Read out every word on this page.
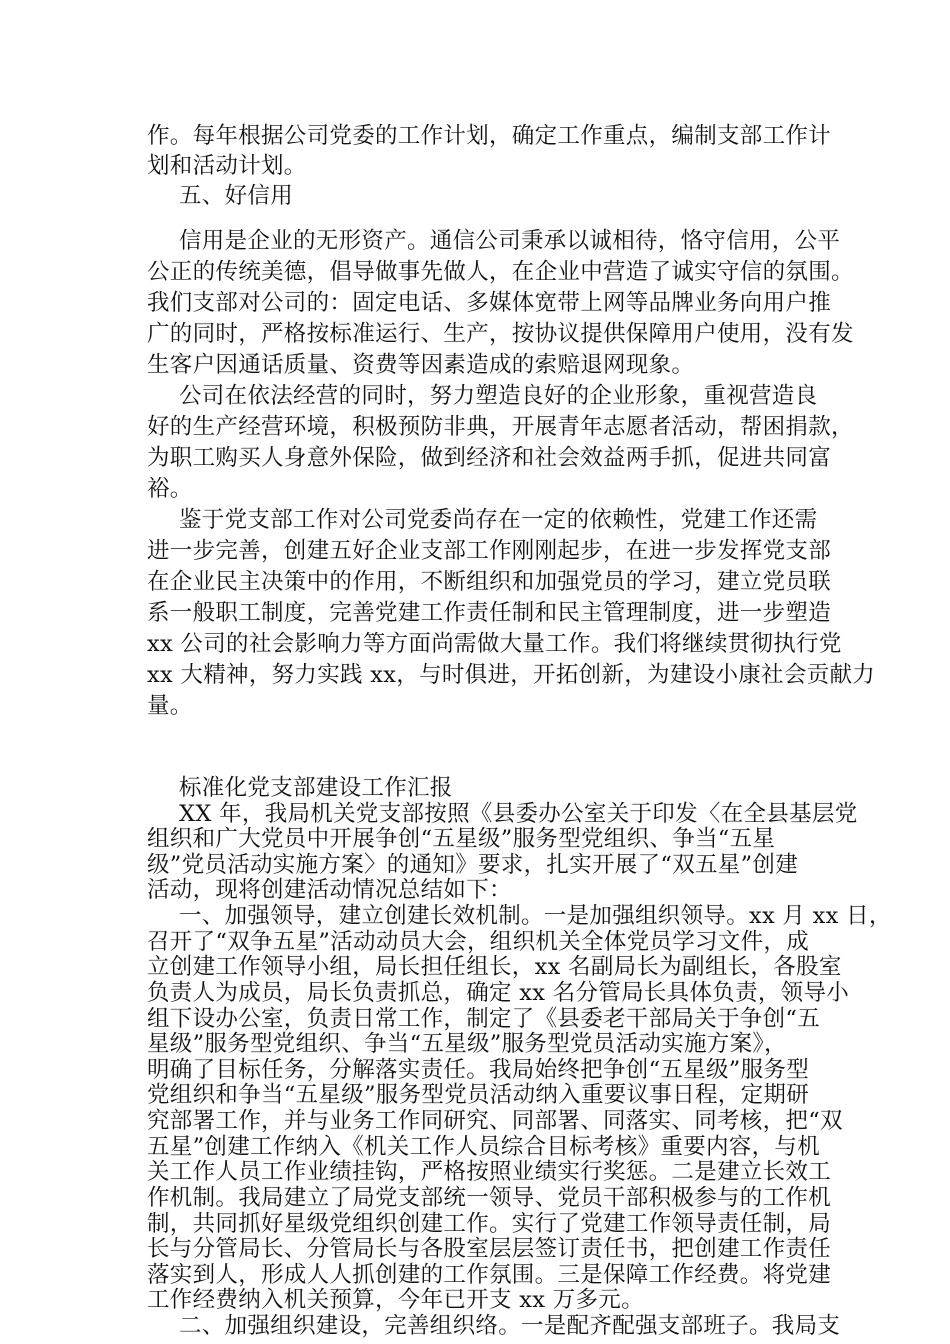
作。每年根据公司党委的工作计划，确定工作重点，编制支部工作计
划和活动计划。
五、好信用
信用是企业的无形资产。通信公司秉承以诚相待，恪守信用，公平
公正的传统美德，倡导做事先做人，在企业中营造了诚实守信的氛围。
我们支部对公司的：固定电话、多媒体宽带上网等品牌业务向用户推
广的同时，严格按标准运行、生产，按协议提供保障用户使用，没有发
生客户因通话质量、资费等因素造成的索赔退网现象。
公司在依法经营的同时，努力塑造良好的企业形象，重视营造良
好的生产经营环境，积极预防非典，开展青年志愿者活动，帮困捐款，
为职工购买人身意外保险，做到经济和社会效益两手抓，促进共同富
裕。
鉴于党支部工作对公司党委尚存在一定的依赖性，党建工作还需
进一步完善，创建五好企业支部工作刚刚起步，在进一步发挥党支部
在企业民主决策中的作用，不断组织和加强党员的学习，建立党员联
系一般职工制度，完善党建工作责任制和民主管理制度，进一步塑造
xx 公司的社会影响力等方面尚需做大量工作。我们将继续贯彻执行党
xx 大精神，努力实践 xx，与时俱进，开拓创新，为建设小康社会贡献力
量。
标准化党支部建设工作汇报
XX 年，我局机关党支部按照《县委办公室关于印发〈在全县基层党
组织和广大党员中开展争创“五星级”服务型党组织、争当“五星
级”党员活动实施方案〉的通知》要求，扎实开展了“双五星”创建
活动，现将创建活动情况总结如下：
一、加强领导，建立创建长效机制。一是加强组织领导。xx 月 xx 日，
召开了“双争五星”活动动员大会，组织机关全体党员学习文件，成
立创建工作领导小组，局长担任组长，xx 名副局长为副组长，各股室
负责人为成员，局长负责抓总，确定 xx 名分管局长具体负责，领导小
组下设办公室，负责日常工作，制定了《县委老干部局关于争创“五
星级”服务型党组织、争当“五星级”服务型党员活动实施方案》，
明确了目标任务，分解落实责任。我局始终把争创“五星级”服务型
党组织和争当“五星级”服务型党员活动纳入重要议事日程，定期研
究部署工作，并与业务工作同研究、同部署、同落实、同考核，把“双
五星”创建工作纳入《机关工作人员综合目标考核》重要内容，与机
关工作人员工作业绩挂钩，严格按照业绩实行奖惩。二是建立长效工
作机制。我局建立了局党支部统一领导、党员干部积极参与的工作机
制，共同抓好星级党组织创建工作。实行了党建工作领导责任制，局
长与分管局长、分管局长与各股室层层签订责任书，把创建工作责任
落实到人，形成人人抓创建的工作氛围。三是保障工作经费。将党建
工作经费纳入机关预算，今年已开支 xx 万多元。
二、加强组织建设，完善组织络。一是配齐配强支部班子。我局支
